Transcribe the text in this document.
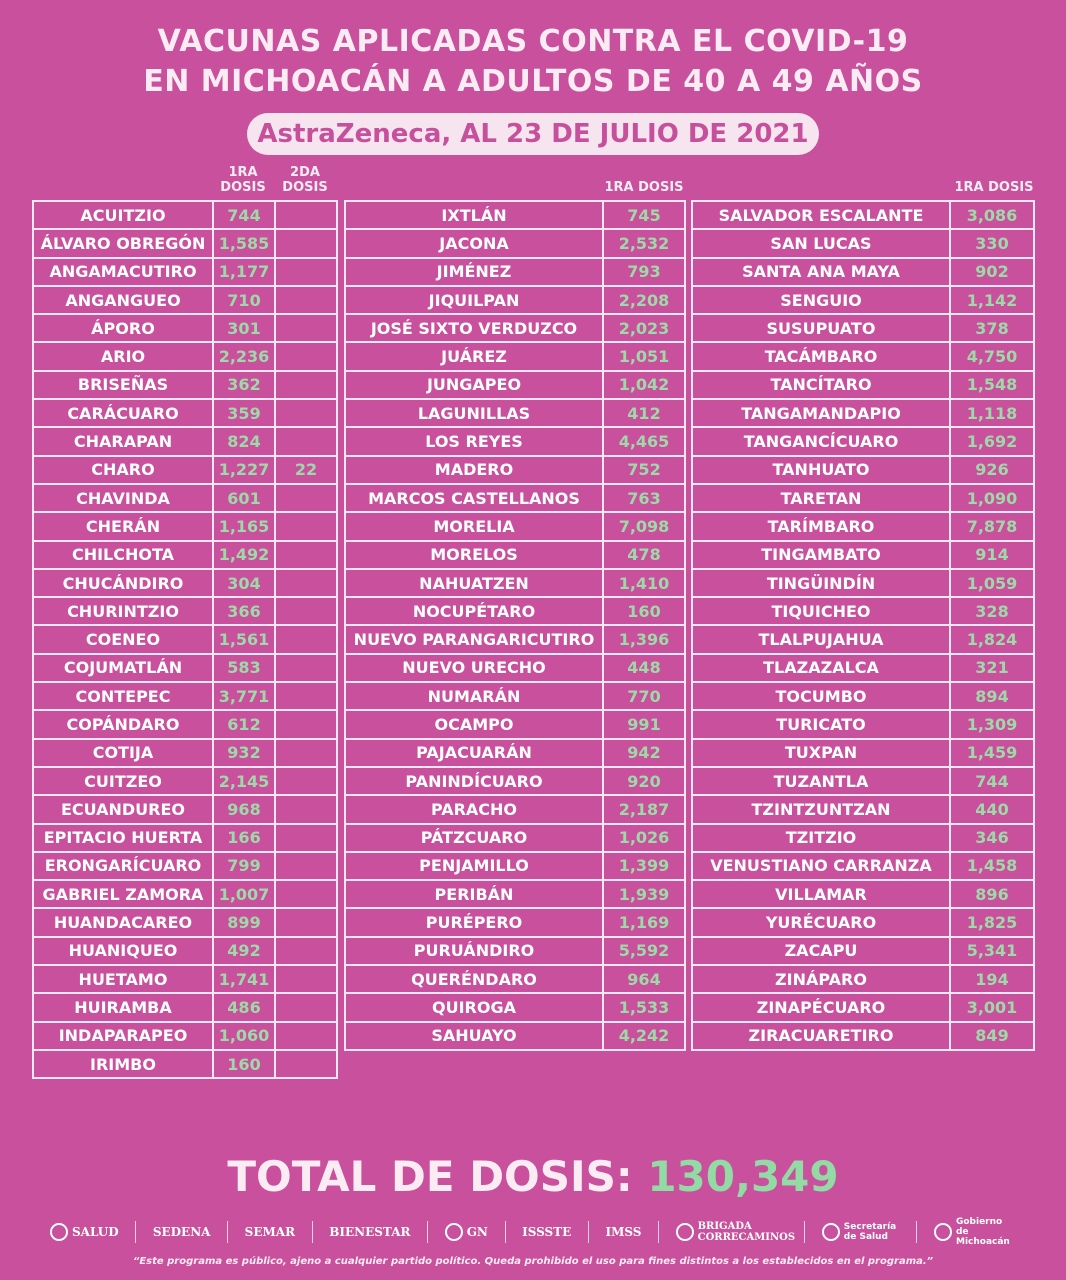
VACUNAS APLICADAS CONTRA EL COVID-19
EN MICHOACÁN A ADULTOS DE 40 A 49 AÑOS
AstraZeneca, AL 23 DE JULIO DE 2021
1RA
DOSIS
2DA
DOSIS	1RA DOSIS	1RA DOSIS
ACUITZIO	744	
ÁLVARO OBREGÓN	1,585	
ANGAMACUTIRO	1,177	
ANGANGUEO	710	
ÁPORO	301	
ARIO	2,236	
BRISEÑAS	362	
CARÁCUARO	359	
CHARAPAN	824	
CHARO	1,227	22
CHAVINDA	601	
CHERÁN	1,165	
CHILCHOTA	1,492	
CHUCÁNDIRO	304	
CHURINTZIO	366	
COENEO	1,561	
COJUMATLÁN	583	
CONTEPEC	3,771	
COPÁNDARO	612	
COTIJA	932	
CUITZEO	2,145	
ECUANDUREO	968	
EPITACIO HUERTA	166	
ERONGARÍCUARO	799	
GABRIEL ZAMORA	1,007	
HUANDACAREO	899	
HUANIQUEO	492	
HUETAMO	1,741	
HUIRAMBA	486	
INDAPARAPEO	1,060	
IRIMBO	160	
IXTLÁN	745
JACONA	2,532
JIMÉNEZ	793
JIQUILPAN	2,208
JOSÉ SIXTO VERDUZCO	2,023
JUÁREZ	1,051
JUNGAPEO	1,042
LAGUNILLAS	412
LOS REYES	4,465
MADERO	752
MARCOS CASTELLANOS	763
MORELIA	7,098
MORELOS	478
NAHUATZEN	1,410
NOCUPÉTARO	160
NUEVO PARANGARICUTIRO	1,396
NUEVO URECHO	448
NUMARÁN	770
OCAMPO	991
PAJACUARÁN	942
PANINDÍCUARO	920
PARACHO	2,187
PÁTZCUARO	1,026
PENJAMILLO	1,399
PERIBÁN	1,939
PURÉPERO	1,169
PURUÁNDIRO	5,592
QUERÉNDARO	964
QUIROGA	1,533
SAHUAYO	4,242
SALVADOR ESCALANTE	3,086
SAN LUCAS	330
SANTA ANA MAYA	902
SENGUIO	1,142
SUSUPUATO	378
TACÁMBARO	4,750
TANCÍTARO	1,548
TANGAMANDAPIO	1,118
TANGANCÍCUARO	1,692
TANHUATO	926
TARETAN	1,090
TARÍMBARO	7,878
TINGAMBATO	914
TINGÜINDÍN	1,059
TIQUICHEO	328
TLALPUJAHUA	1,824
TLAZAZALCA	321
TOCUMBO	894
TURICATO	1,309
TUXPAN	1,459
TUZANTLA	744
TZINTZUNTZAN	440
TZITZIO	346
VENUSTIANO CARRANZA	1,458
VILLAMAR	896
YURÉCUARO	1,825
ZACAPU	5,341
ZINÁPARO	194
ZINAPÉCUARO	3,001
ZIRACUARETIRO	849
TOTAL DE DOSIS: 130,349
SALUD	SEDENA	SEMAR	BIENESTAR	GN	ISSSTE	IMSS	BRIGADA CORRECAMINOS
Secretaría de Salud
Gobierno de Michoacán
“Este programa es público, ajeno a cualquier partido político. Queda prohibido el uso para fines distintos a los establecidos en el programa.”
